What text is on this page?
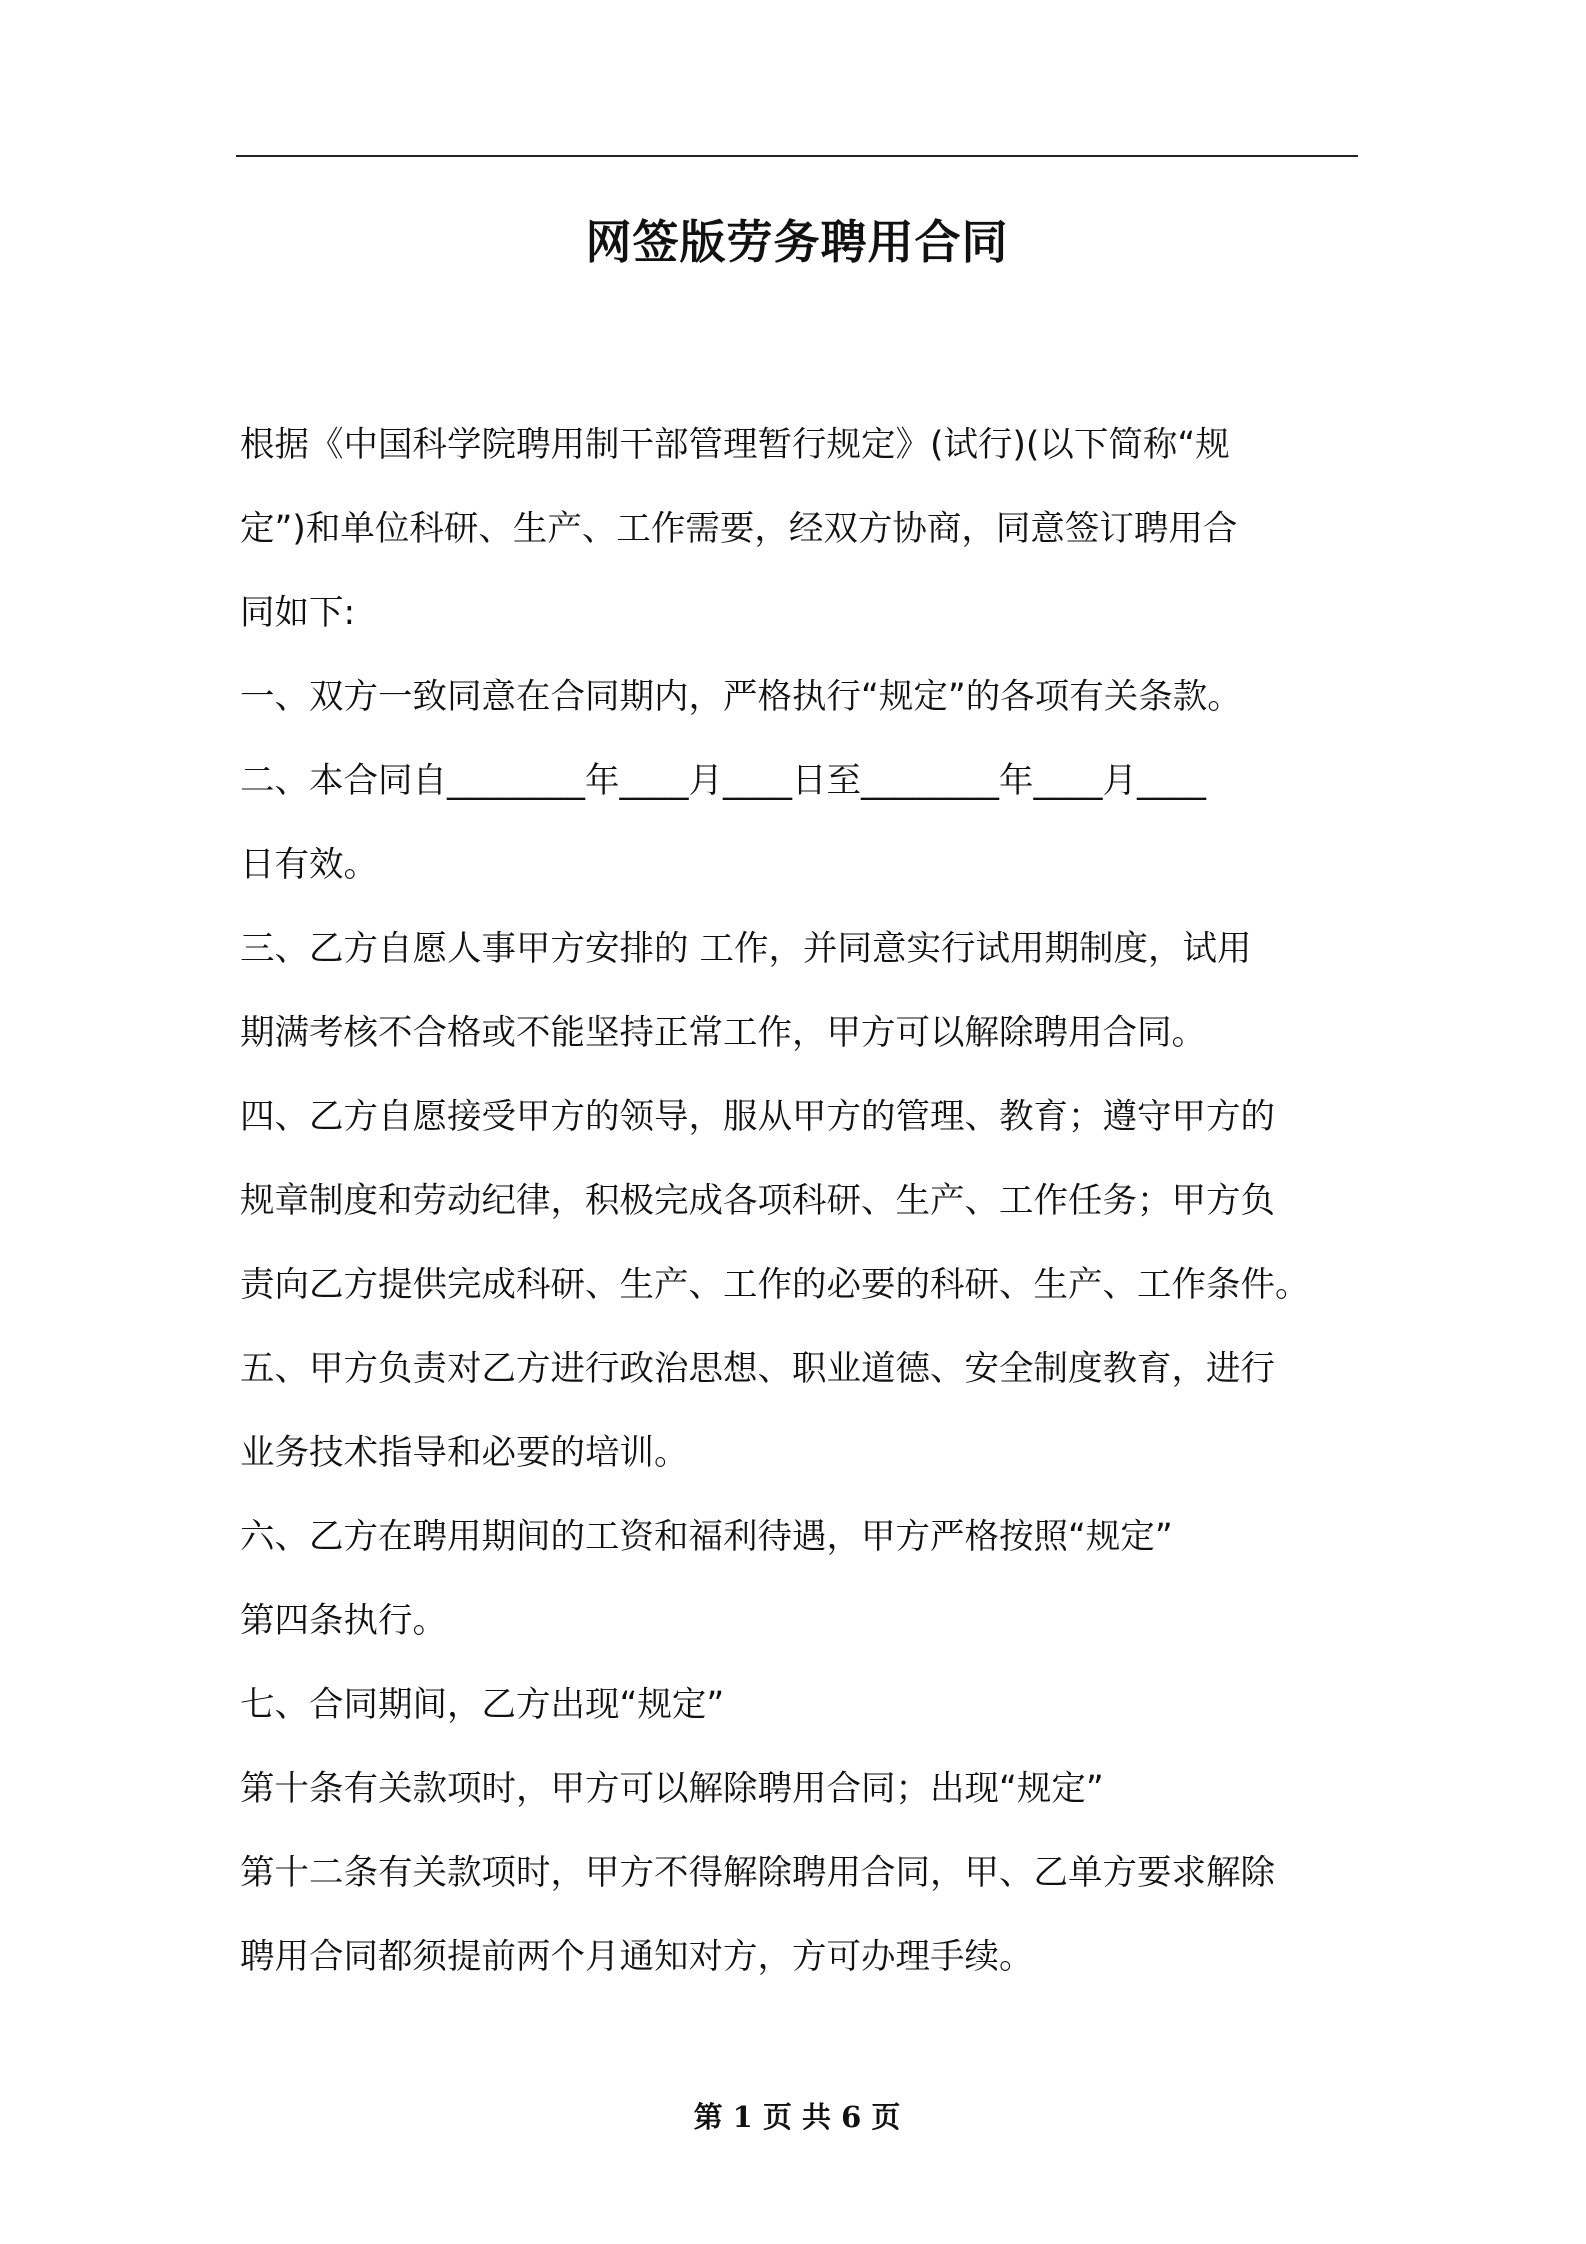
网签版劳务聘用合同

根据《中国科学院聘用制干部管理暂行规定》(试行)(以下简称“规

定”)和单位科研、生产、工作需要，经双方协商，同意签订聘用合

同如下:

一、双方一致同意在合同期内，严格执行“规定”的各项有关条款。

二、本合同自________年____月____日至________年____月____

日有效。

三、乙方自愿人事甲方安排的 工作，并同意实行试用期制度，试用

期满考核不合格或不能坚持正常工作，甲方可以解除聘用合同。

四、乙方自愿接受甲方的领导，服从甲方的管理、教育；遵守甲方的

规章制度和劳动纪律，积极完成各项科研、生产、工作任务；甲方负

责向乙方提供完成科研、生产、工作的必要的科研、生产、工作条件。

五、甲方负责对乙方进行政治思想、职业道德、安全制度教育，进行

业务技术指导和必要的培训。

六、乙方在聘用期间的工资和福利待遇，甲方严格按照“规定”

第四条执行。

七、合同期间，乙方出现“规定”

第十条有关款项时，甲方可以解除聘用合同；出现“规定”

第十二条有关款项时，甲方不得解除聘用合同，甲、乙单方要求解除

聘用合同都须提前两个月通知对方，方可办理手续。

第 1 页 共 6 页
